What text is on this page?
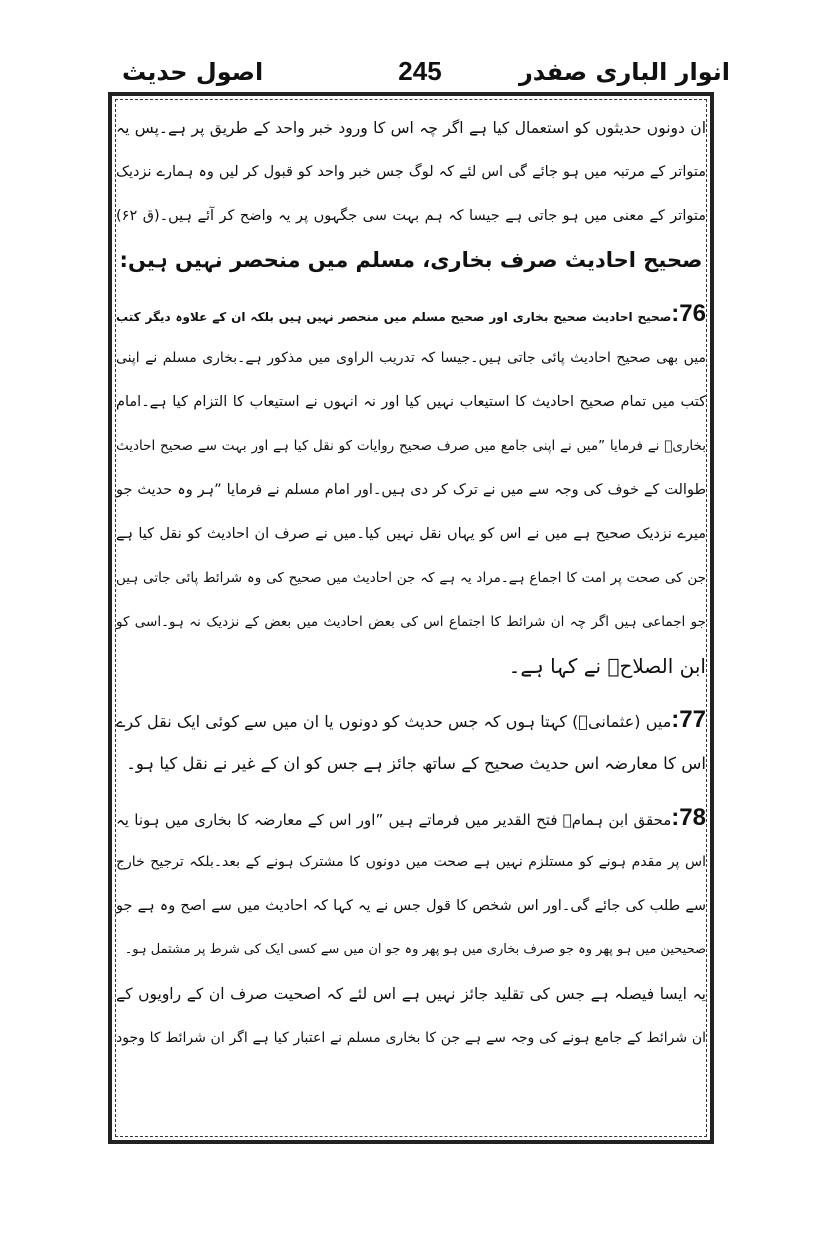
انوار الباری صفدر
245
اصول حدیث
ان دونوں حدیثوں کو استعمال کیا ہے اگر چہ اس کا ورود خبر واحد کے طریق پر ہے۔پس یہ
متواتر کے مرتبہ میں ہو جائے گی اس لئے کہ لوگ جس خبر واحد کو قبول کر لیں وہ ہمارے نزدیک
متواتر کے معنی میں ہو جاتی ہے جیسا کہ ہم بہت سی جگہوں پر یہ واضح کر آئے ہیں۔(ق ۶۲)
صحیح احادیث صرف بخاری، مسلم میں منحصر نہیں ہیں:
76:صحیح احادیث صحیح بخاری اور صحیح مسلم میں منحصر نہیں ہیں بلکہ ان کے علاوہ دیگر کتب
میں بھی صحیح احادیث پائی جاتی ہیں۔جیسا کہ تدریب الراوی میں مذکور ہے۔بخاری مسلم نے اپنی
کتب میں تمام صحیح احادیث کا استیعاب نہیں کیا اور نہ انہوں نے استیعاب کا التزام کیا ہے۔امام
بخاریؒ نے فرمایا ”میں نے اپنی جامع میں صرف صحیح روایات کو نقل کیا ہے اور بہت سے صحیح احادیث
طوالت کے خوف کی وجہ سے میں نے ترک کر دی ہیں۔اور امام مسلم نے فرمایا ”ہر وہ حدیث جو
میرے نزدیک صحیح ہے میں نے اس کو یہاں نقل نہیں کیا۔میں نے صرف ان احادیث کو نقل کیا ہے
جن کی صحت پر امت کا اجماع ہے۔مراد یہ ہے کہ جن احادیث میں صحیح کی وہ شرائط پائی جاتی ہیں
جو اجماعی ہیں اگر چہ ان شرائط کا اجتماع اس کی بعض احادیث میں بعض کے نزدیک نہ ہو۔اسی کو
ابن الصلاحؒ نے کہا ہے۔
77:میں (عثمانیؒ) کہتا ہوں کہ جس حدیث کو دونوں یا ان میں سے کوئی ایک نقل کرے
اس کا معارضہ اس حدیث صحیح کے ساتھ جائز ہے جس کو ان کے غیر نے نقل کیا ہو۔
78:محقق ابن ہمامؒ فتح القدیر میں فرماتے ہیں ”اور اس کے معارضہ کا بخاری میں ہونا یہ
اس پر مقدم ہونے کو مستلزم نہیں ہے صحت میں دونوں کا مشترک ہونے کے بعد۔بلکہ ترجیح خارج
سے طلب کی جائے گی۔اور اس شخص کا قول جس نے یہ کہا کہ احادیث میں سے اصح وہ ہے جو
صحیحین میں ہو پھر وہ جو صرف بخاری میں ہو پھر وہ جو ان میں سے کسی ایک کی شرط پر مشتمل ہو۔
یہ ایسا فیصلہ ہے جس کی تقلید جائز نہیں ہے اس لئے کہ اصحیت صرف ان کے راویوں کے
ان شرائط کے جامع ہونے کی وجہ سے ہے جن کا بخاری مسلم نے اعتبار کیا ہے اگر ان شرائط کا وجود
